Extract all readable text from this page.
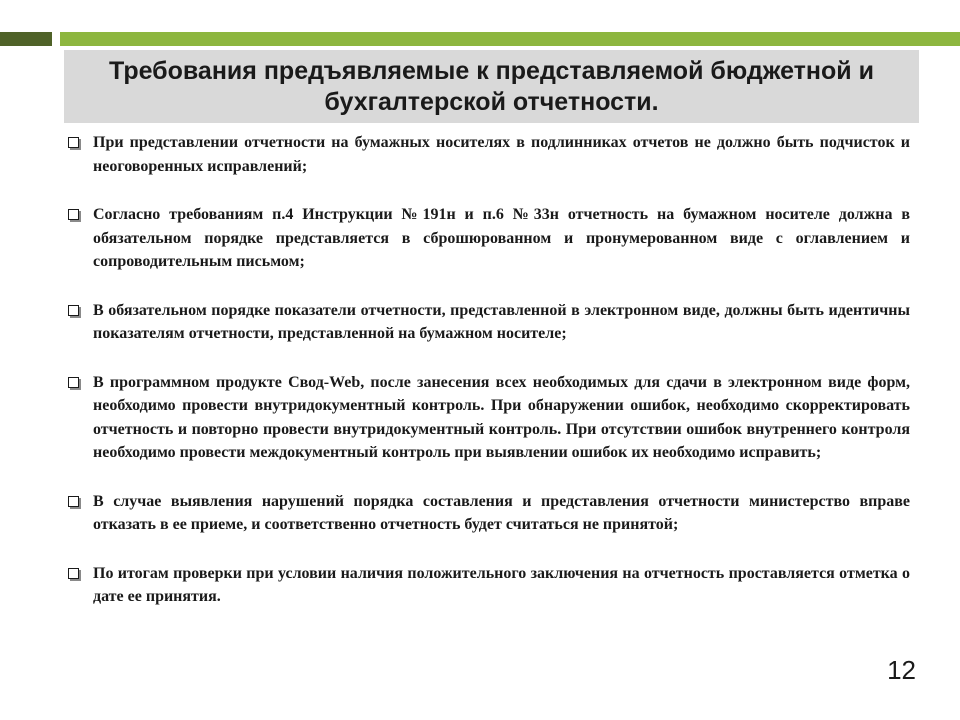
Требования предъявляемые к представляемой бюджетной и бухгалтерской отчетности.
При представлении отчетности на бумажных носителях в подлинниках отчетов не должно быть подчисток и неоговоренных исправлений;
Согласно требованиям п.4 Инструкции №191н и п.6 №33н отчетность на бумажном носителе должна в обязательном порядке представляется в сброшюрованном и пронумерованном виде с оглавлением и сопроводительным письмом;
В обязательном порядке показатели отчетности, представленной в электронном виде, должны быть идентичны показателям отчетности, представленной на бумажном носителе;
В программном продукте Свод-Web, после занесения всех необходимых для сдачи в электронном виде форм, необходимо провести внутридокументный контроль. При обнаружении ошибок, необходимо скорректировать отчетность и повторно провести внутридокументный контроль. При отсутствии ошибок внутреннего контроля необходимо провести междокументный контроль при выявлении ошибок их необходимо исправить;
В случае выявления нарушений порядка составления и представления отчетности министерство вправе отказать в ее приеме, и соответственно отчетность будет считаться не принятой;
По итогам проверки при условии наличия положительного заключения на отчетность проставляется отметка о дате ее принятия.
12
